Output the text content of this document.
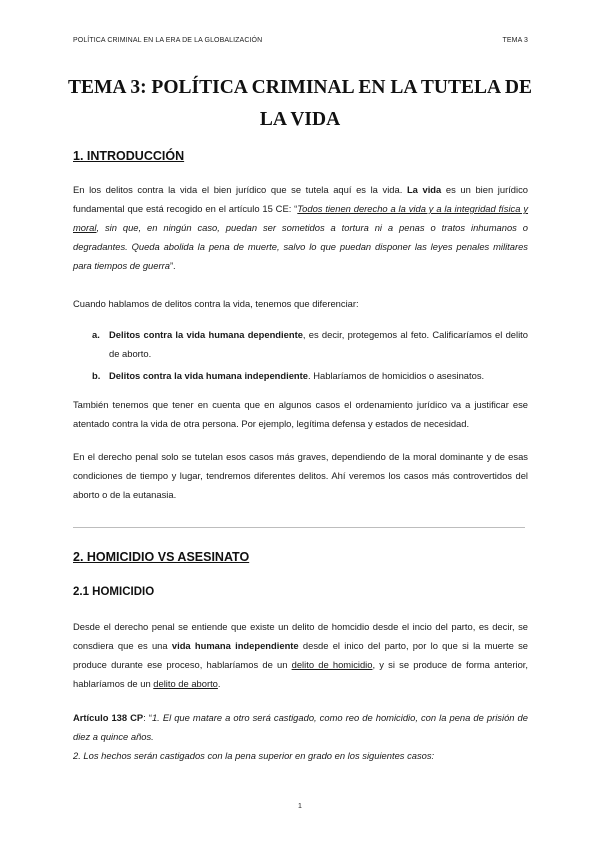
POLÍTICA CRIMINAL EN LA ERA DE LA GLOBALIZACIÓN	TEMA 3
TEMA 3: POLÍTICA CRIMINAL EN LA TUTELA DE LA VIDA
1. INTRODUCCIÓN
En los delitos contra la vida el bien jurídico que se tutela aquí es la vida. La vida es un bien jurídico fundamental que está recogido en el artículo 15 CE: “Todos tienen derecho a la vida y a la integridad física y moral, sin que, en ningún caso, puedan ser sometidos a tortura ni a penas o tratos inhumanos o degradantes. Queda abolida la pena de muerte, salvo lo que puedan disponer las leyes penales militares para tiempos de guerra”.
Cuando hablamos de delitos contra la vida, tenemos que diferenciar:
a. Delitos contra la vida humana dependiente, es decir, protegemos al feto. Calificaríamos el delito de aborto.
b. Delitos contra la vida humana independiente. Hablaríamos de homicidios o asesinatos.
También tenemos que tener en cuenta que en algunos casos el ordenamiento jurídico va a justificar ese atentado contra la vida de otra persona. Por ejemplo, legítima defensa y estados de necesidad.
En el derecho penal solo se tutelan esos casos más graves, dependiendo de la moral dominante y de esas condiciones de tiempo y lugar, tendremos diferentes delitos. Ahí veremos los casos más controvertidos del aborto o de la eutanasia.
2. HOMICIDIO VS ASESINATO
2.1 HOMICIDIO
Desde el derecho penal se entiende que existe un delito de homcidio desde el incio del parto, es decir, se consdiera que es una vida humana independiente desde el inico del parto, por lo que si la muerte se produce durante ese proceso, hablaríamos de un delito de homicidio, y si se produce de forma anterior, hablaríamos de un delito de aborto.
Artículo 138 CP: “1. El que matare a otro será castigado, como reo de homicidio, con la pena de prisión de diez a quince años.
2. Los hechos serán castigados con la pena superior en grado en los siguientes casos:
1
